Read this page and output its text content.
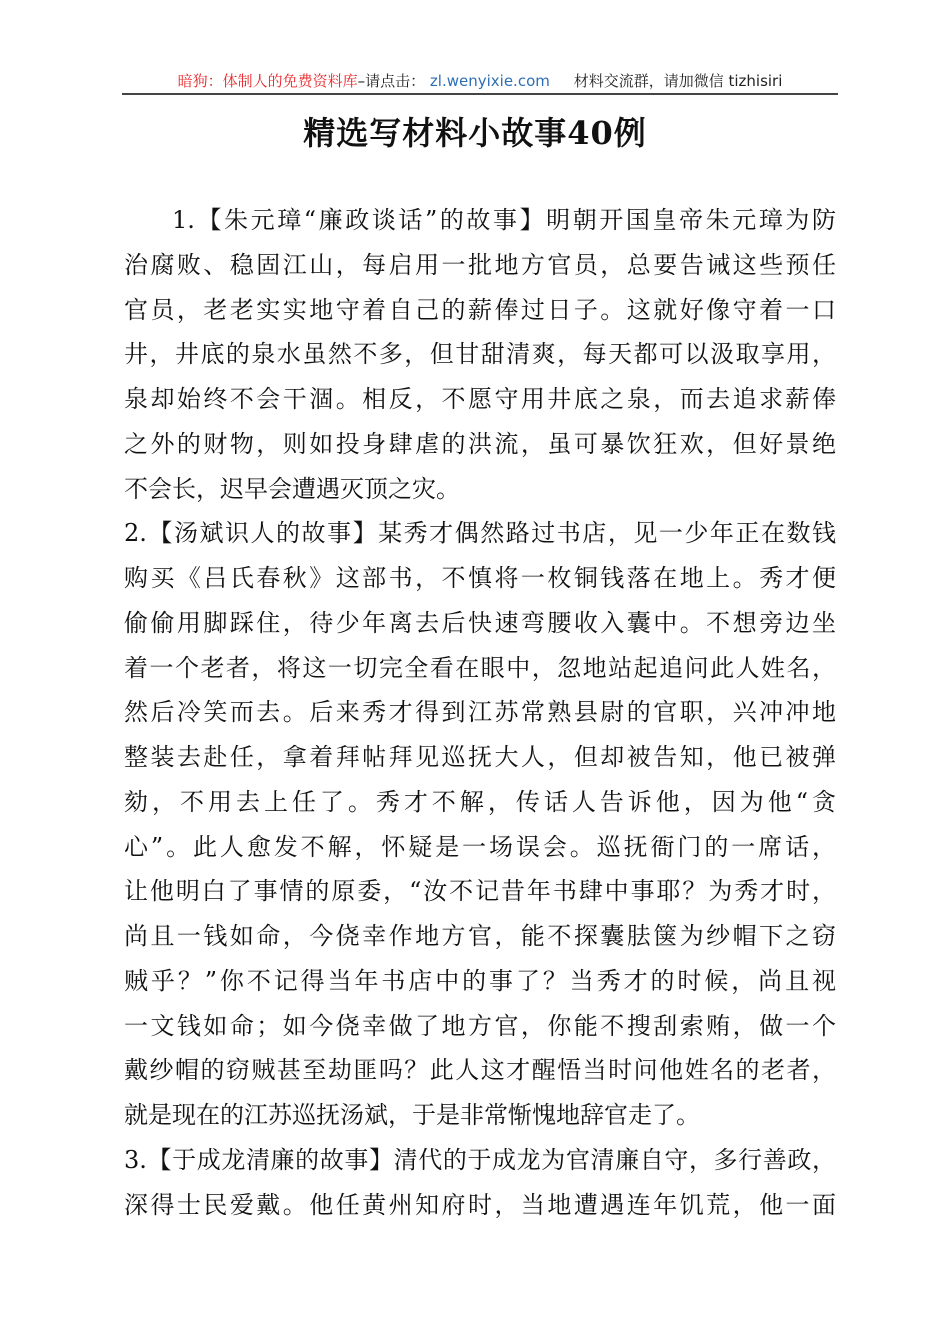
暗狗：体制人的免费资料库–请点击： zl.wenyixie.com 材料交流群，请加微信 tizhisiri
精选写材料小故事40例
1.【朱元璋“廉政谈话”的故事】明朝开国皇帝朱元璋为防
治腐败、稳固江山，每启用一批地方官员，总要告诫这些预任
官员，老老实实地守着自己的薪俸过日子。这就好像守着一口
井，井底的泉水虽然不多，但甘甜清爽，每天都可以汲取享用，
泉却始终不会干涸。相反，不愿守用井底之泉，而去追求薪俸
之外的财物，则如投身肆虐的洪流，虽可暴饮狂欢，但好景绝
不会长，迟早会遭遇灭顶之灾。
2.【汤斌识人的故事】某秀才偶然路过书店，见一少年正在数钱
购买《吕氏春秋》这部书，不慎将一枚铜钱落在地上。秀才便
偷偷用脚踩住，待少年离去后快速弯腰收入囊中。不想旁边坐
着一个老者，将这一切完全看在眼中，忽地站起追问此人姓名，
然后冷笑而去。后来秀才得到江苏常熟县尉的官职，兴冲冲地
整装去赴任，拿着拜帖拜见巡抚大人，但却被告知，他已被弹
劾，不用去上任了。秀才不解，传话人告诉他，因为他“贪
心”。此人愈发不解，怀疑是一场误会。巡抚衙门的一席话，
让他明白了事情的原委，“汝不记昔年书肆中事耶？为秀才时，
尚且一钱如命，今侥幸作地方官，能不探囊胠箧为纱帽下之窃
贼乎？”你不记得当年书店中的事了？当秀才的时候，尚且视
一文钱如命；如今侥幸做了地方官，你能不搜刮索贿，做一个
戴纱帽的窃贼甚至劫匪吗？此人这才醒悟当时问他姓名的老者，
就是现在的江苏巡抚汤斌，于是非常惭愧地辞官走了。
3.【于成龙清廉的故事】清代的于成龙为官清廉自守，多行善政，
深得士民爱戴。他任黄州知府时，当地遭遇连年饥荒，他一面
